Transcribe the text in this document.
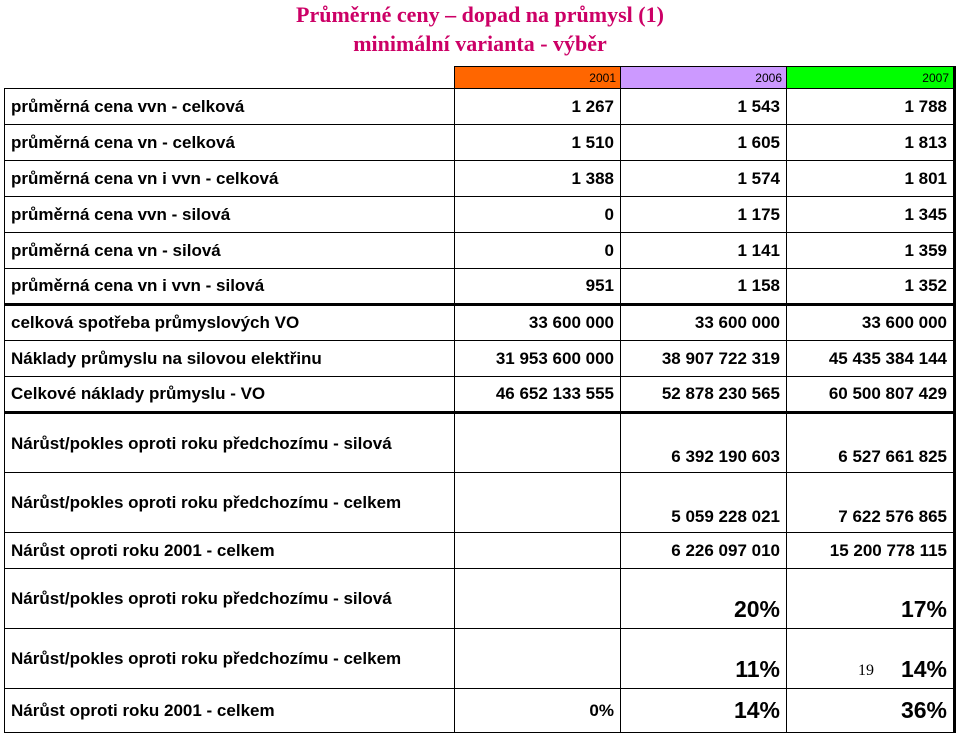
Průměrné ceny – dopad na průmysl (1)
minimální varianta - výběr
	2001	2006	2007
průměrná cena vvn - celková	1 267	1 543	1 788
průměrná cena vn - celková	1 510	1 605	1 813
průměrná cena vn i vvn - celková	1 388	1 574	1 801
průměrná cena vvn - silová	0	1 175	1 345
průměrná cena vn - silová	0	1 141	1 359
průměrná cena vn i vvn - silová	951	1 158	1 352
celková spotřeba průmyslových VO	33 600 000	33 600 000	33 600 000
Náklady průmyslu na silovou elektřinu	31 953 600 000	38 907 722 319	45 435 384 144
Celkové náklady průmyslu - VO	46 652 133 555	52 878 230 565	60 500 807 429
Nárůst/pokles oproti roku předchozímu - silová		6 392 190 603	6 527 661 825
Nárůst/pokles oproti roku předchozímu - celkem		5 059 228 021	7 622 576 865
Nárůst oproti roku 2001 - celkem		6 226 097 010	15 200 778 115
Nárůst/pokles oproti roku předchozímu - silová		20%	17%
Nárůst/pokles oproti roku předchozímu - celkem		11%	14%
Nárůst oproti roku 2001 - celkem	0%	14%	36%
19
